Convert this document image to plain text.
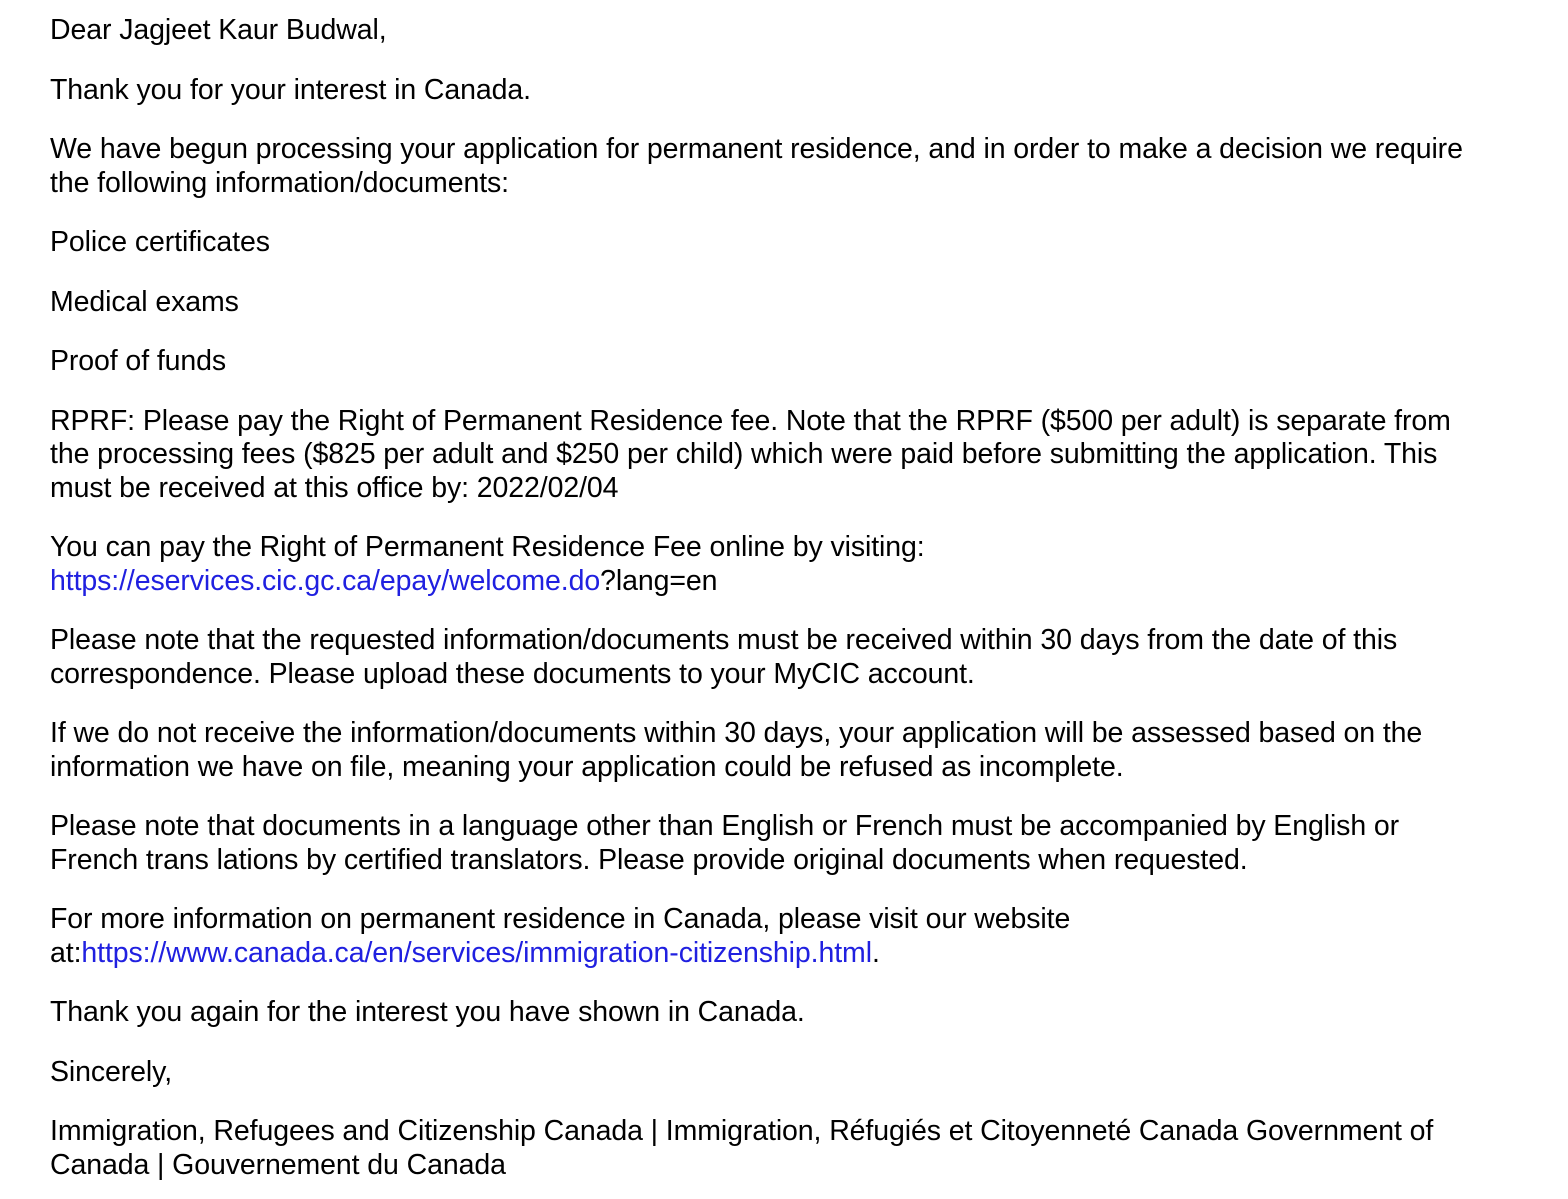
Dear Jagjeet Kaur Budwal,

Thank you for your interest in Canada.

We have begun processing your application for permanent residence, and in order to make a decision we require the following information/documents:

Police certificates

Medical exams

Proof of funds

RPRF: Please pay the Right of Permanent Residence fee. Note that the RPRF ($500 per adult) is separate from the processing fees ($825 per adult and $250 per child) which were paid before submitting the application. This must be received at this office by: 2022/02/04

You can pay the Right of Permanent Residence Fee online by visiting: https://eservices.cic.gc.ca/epay/welcome.do?lang=en

Please note that the requested information/documents must be received within 30 days from the date of this correspondence. Please upload these documents to your MyCIC account.

If we do not receive the information/documents within 30 days, your application will be assessed based on the information we have on file, meaning your application could be refused as incomplete.

Please note that documents in a language other than English or French must be accompanied by English or French trans lations by certified translators. Please provide original documents when requested.

For more information on permanent residence in Canada, please visit our website at:https://www.canada.ca/en/services/immigration-citizenship.html.

Thank you again for the interest you have shown in Canada.

Sincerely,

Immigration, Refugees and Citizenship Canada | Immigration, Réfugiés et Citoyenneté Canada Government of Canada | Gouvernement du Canada
